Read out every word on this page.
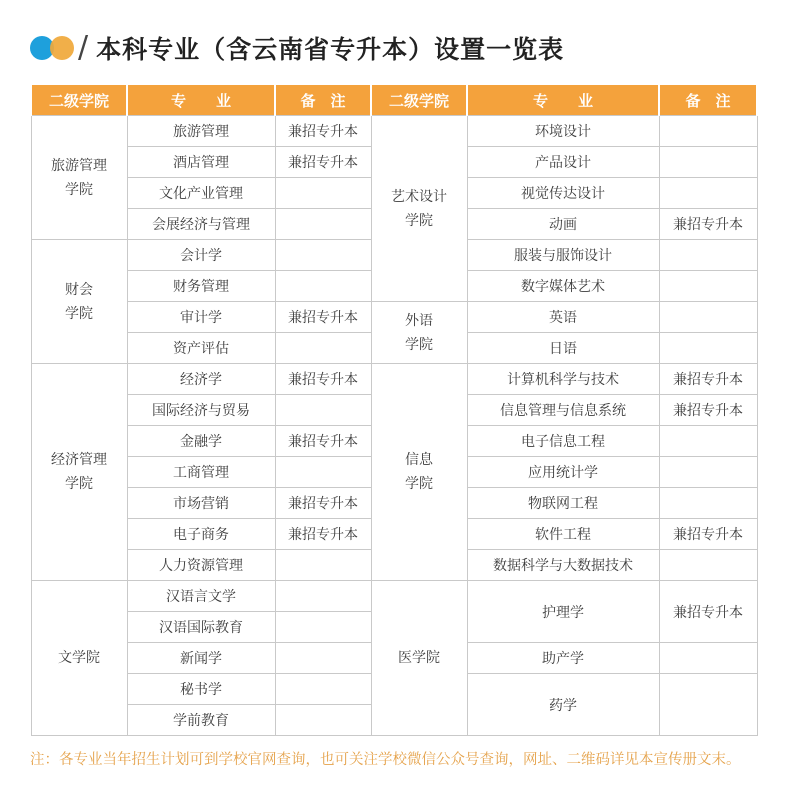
/ 本科专业（含云南省专升本）设置一览表
二级学院	专　　业	备　注	二级学院	专　　业	备　注
旅游管理学院	旅游管理	兼招专升本	艺术设计学院	环境设计	
	酒店管理	兼招专升本		产品设计	
	文化产业管理			视觉传达设计	
	会展经济与管理			动画	兼招专升本
财会学院	会计学			服装与服饰设计	
	财务管理			数字媒体艺术	
	审计学	兼招专升本	外语学院	英语	
	资产评估			日语	
经济管理学院	经济学	兼招专升本	信息学院	计算机科学与技术	兼招专升本
	国际经济与贸易			信息管理与信息系统	兼招专升本
	金融学	兼招专升本		电子信息工程	
	工商管理			应用统计学	
	市场营销	兼招专升本		物联网工程	
	电子商务	兼招专升本		软件工程	兼招专升本
	人力资源管理			数据科学与大数据技术	
文学院	汉语言文学		医学院	护理学	兼招专升本
	汉语国际教育				
	新闻学			助产学	
	秘书学			药学	
	学前教育				
注：各专业当年招生计划可到学校官网查询，也可关注学校微信公众号查询，网址、二维码详见本宣传册文末。
